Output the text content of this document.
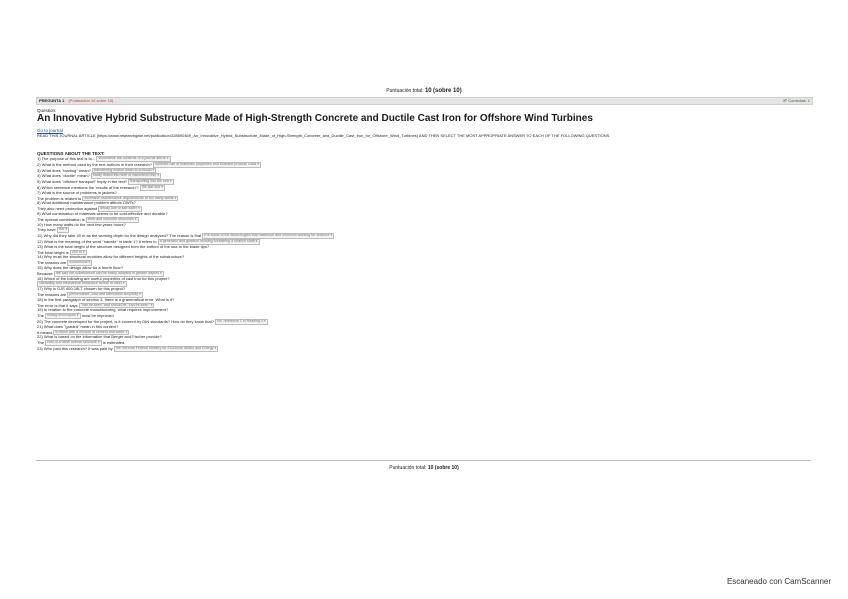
Puntuación total: 10 (sobre 10)
PREGUNTA 1 (Puntuación 10 sobre 10)	8º Correctas: 1
Question:
An Innovative Hybrid Substructure Made of High-Strength Concrete and Ductile Cast Iron for Offshore Wind Turbines
Go to journal
READ THIS JOURNAL ARTICLE (https://www.researchgate.net/publication/328690469_An_Innovative_Hybrid_Substructure_Made_of_High-Strength_Concrete_and_Ductile_Cast_Iron_for_Offshore_Wind_Turbines) AND THEN SELECT THE MOST APPROPRIATE ANSWER TO EACH OF THE FOLLOWING QUESTIONS.
QUESTIONS ABOUT THE TEXT:
1) The purpose of this text is to... summarize the contents of a journal article ▾
2) What is the method used by the text authors in their research? optimize use of materials properties and examine process costs ▾
3) What does "loading" mean? transferring motion down to a mould ▾
4) What does "ductile" mean? easily drawn into wire or hammered thin ▾
5) What does "offshore transport" imply in the text? transporting into the sea ▾
6) Which sentence mentions the 'results of the research'? the last one ▾
7) What is the source of problems in jackets?
The problem is related to excessive maintenance requirements of too many welds ▾
8) What additional maintenance problem affects OWTs?
They also need protection against decay due to salt water ▾
9) What combination of materials seems to be cost-effective and durable?
The optimal combination is steel and concrete structures ▾
10) How many watts do the next few years hours?
They have five ▾
11) Why did they take 40 m as the working depth for the design analysed? The reason is that it is some of the technologies that maximum and minimum working for onshore ▾
12) What is the meaning of the word "nacelle" in table 1? It refers to a generator and gearbox housing containing a rotation shaft ▾
13) What is the total height of the structure designed from the bottom of the sea to the blade tips?
The total height is 200 m ▾
14) Why must the structural modules allow for different heights of the substructure?
The reasons are economical ▾
15) Why does the design allow for a fourth floor?
Because the way the substructure can be easily adapted to greater depths ▾
16) Which of the following are useful properties of cast iron for this project?
castability and mechanical behaviour similar to steel ▾
17) Why is GJS 400-18LT chosen for this project?
The reasons are performance, cost and fabrication simplicity ▾
18) In the first paragraph of section 3, there is a grammatical error. What is it?
The error is that it says "can be seen" and should be "can be seen" ▾
19) In relation to the concrete manufacturing, what requires improvement?
The mixing techniques ▾ must be improved
20) The concrete developed for the project, is it covered by DIN standards? How do they know that? No, reference 1 in Reading 4 ▾
21) What does "graded" mean in this context?
It means to finish with a mixture of cement and water ▾
22) What is based on the information that Berger and Fischer provide?
The cost of a 6MW turbine structure ▾ is estimated.
23) Who paid this research? It was paid by the German Federal Ministry for Economic Affairs and Energy ▾
Puntuación total: 10 (sobre 10)
Escaneado con CamScanner
